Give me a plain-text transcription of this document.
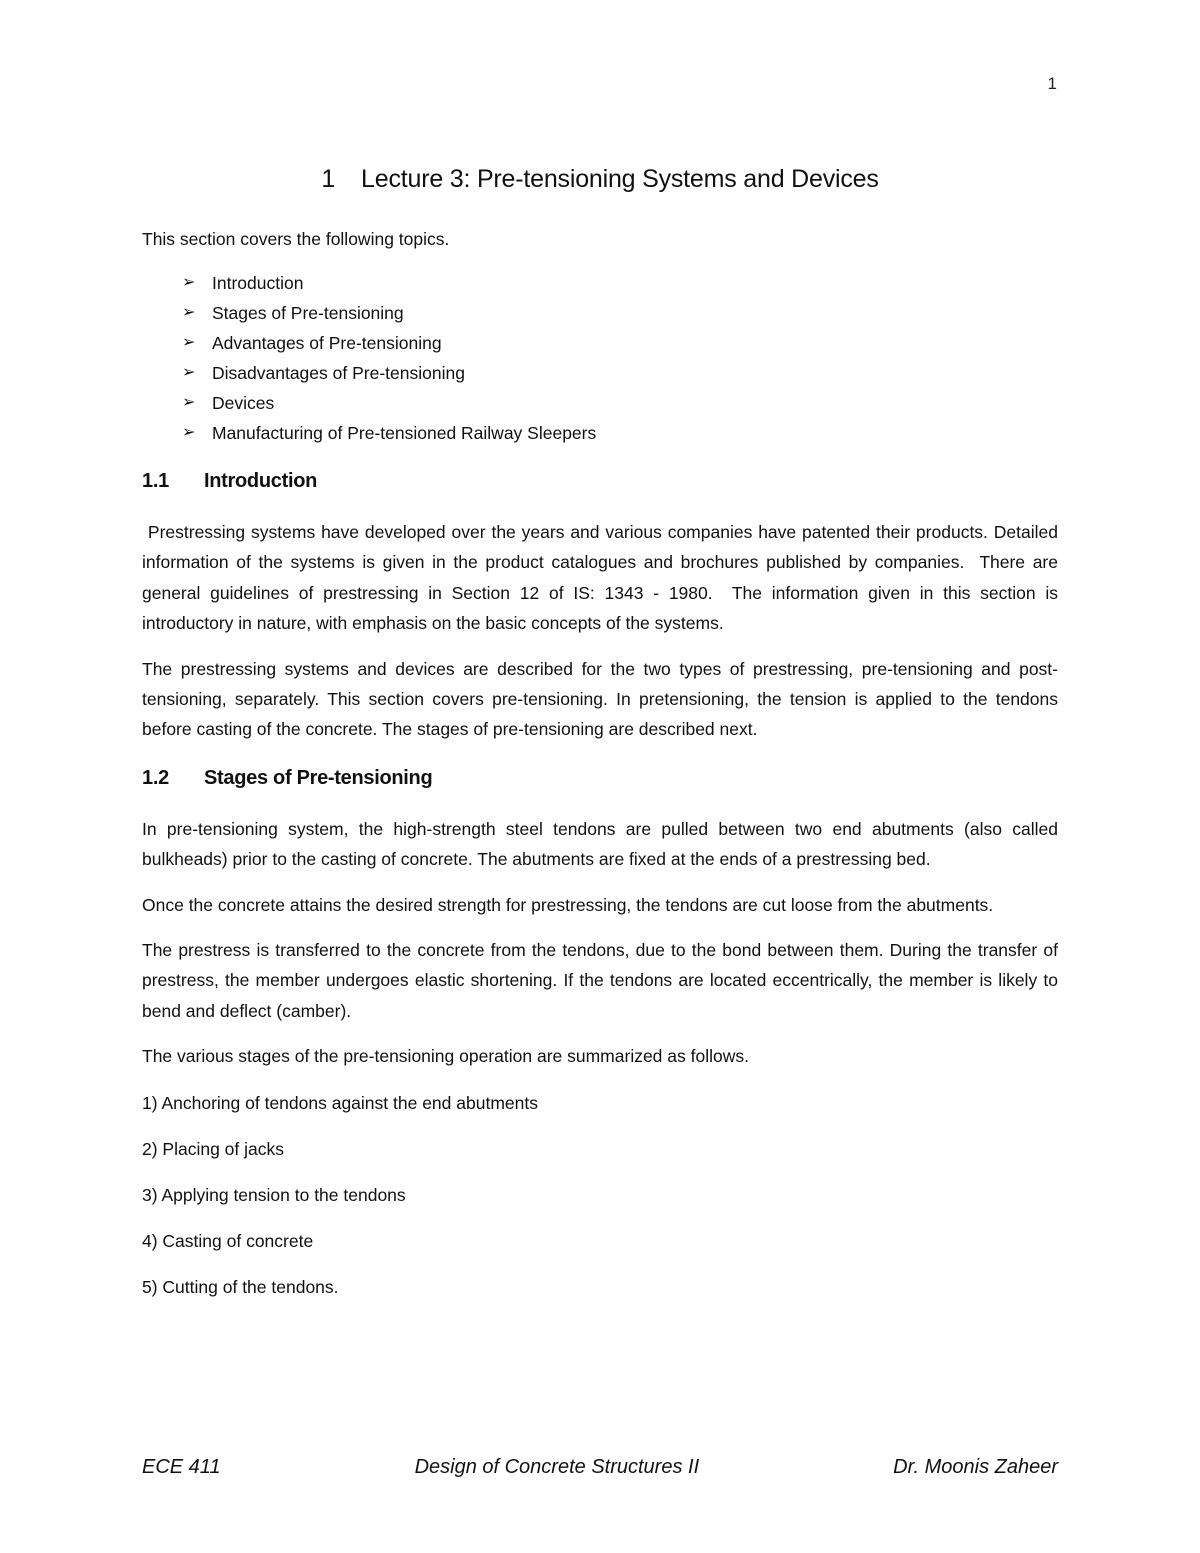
1
1 Lecture 3: Pre-tensioning Systems and Devices

This section covers the following topics.

➢ Introduction
➢ Stages of Pre-tensioning
➢ Advantages of Pre-tensioning
➢ Disadvantages of Pre-tensioning
➢ Devices
➢ Manufacturing of Pre-tensioned Railway Sleepers
1.1 Introduction

Prestressing systems have developed over the years and various companies have patented their products. Detailed information of the systems is given in the product catalogues and brochures published by companies.  There are general guidelines of prestressing in Section 12 of IS: 1343 - 1980.  The information given in this section is introductory in nature, with emphasis on the basic concepts of the systems.

The prestressing systems and devices are described for the two types of prestressing, pre-tensioning and post-tensioning, separately. This section covers pre-tensioning. In pretensioning, the tension is applied to the tendons before casting of the concrete. The stages of pre-tensioning are described next.

1.2 Stages of Pre-tensioning

In pre-tensioning system, the high-strength steel tendons are pulled between two end abutments (also called bulkheads) prior to the casting of concrete. The abutments are fixed at the ends of a prestressing bed.

Once the concrete attains the desired strength for prestressing, the tendons are cut loose from the abutments.

The prestress is transferred to the concrete from the tendons, due to the bond between them. During the transfer of prestress, the member undergoes elastic shortening. If the tendons are located eccentrically, the member is likely to bend and deflect (camber).

The various stages of the pre-tensioning operation are summarized as follows.

1) Anchoring of tendons against the end abutments
2) Placing of jacks
3) Applying tension to the tendons
4) Casting of concrete
5) Cutting of the tendons.
ECE 411	Design of Concrete Structures II	Dr. Moonis Zaheer
